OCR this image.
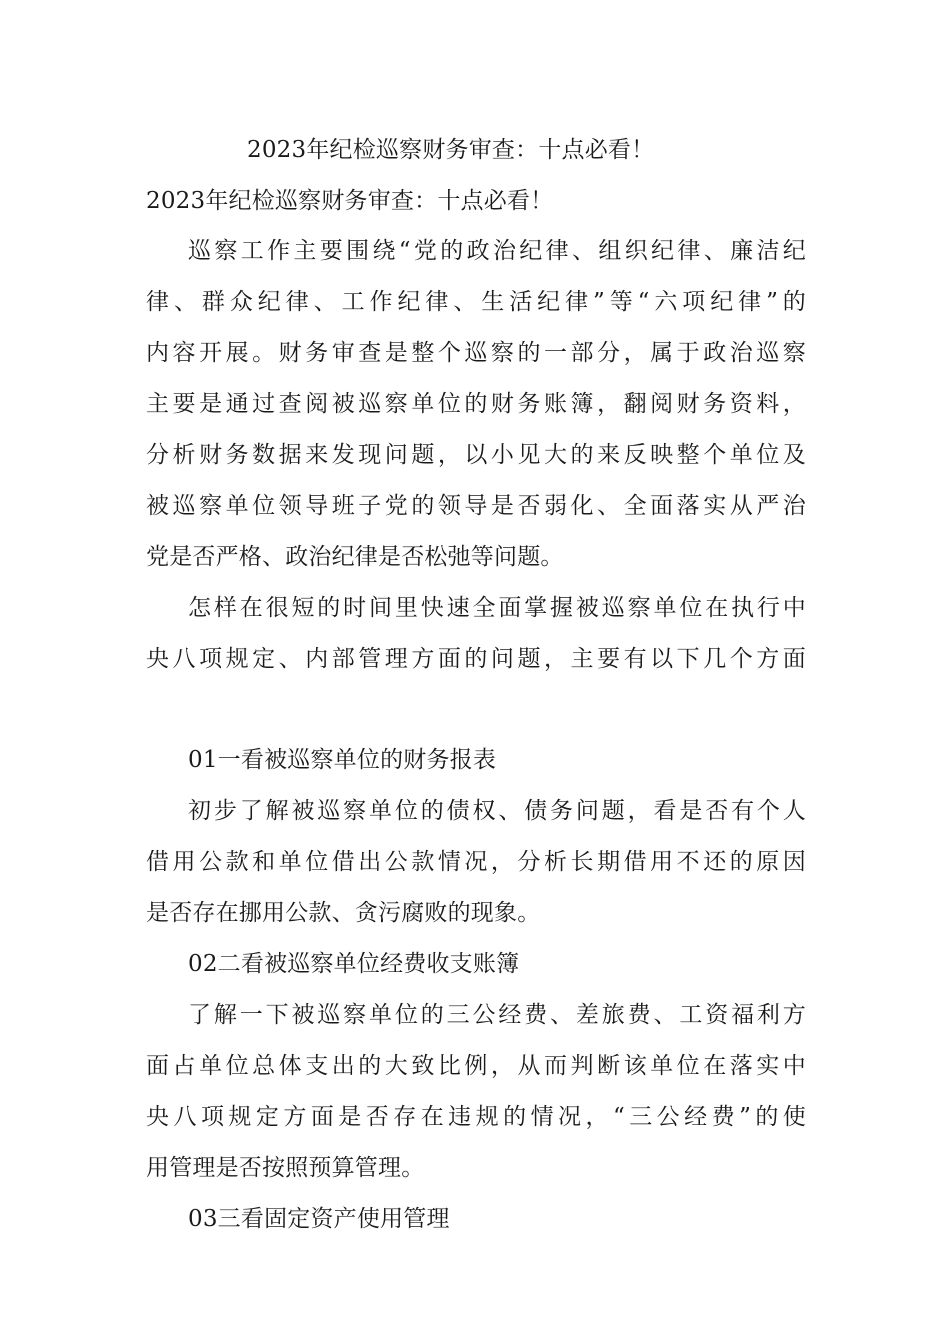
2023年纪检巡察财务审查：十点必看！

2023年纪检巡察财务审查：十点必看！

巡察工作主要围绕“党的政治纪律、组织纪律、廉洁纪

律、群众纪律、工作纪律、生活纪律”等“六项纪律”的

内容开展。财务审查是整个巡察的一部分，属于政治巡察

主要是通过查阅被巡察单位的财务账簿，翻阅财务资料，

分析财务数据来发现问题，以小见大的来反映整个单位及

被巡察单位领导班子党的领导是否弱化、全面落实从严治

党是否严格、政治纪律是否松弛等问题。

怎样在很短的时间里快速全面掌握被巡察单位在执行中

央八项规定、内部管理方面的问题，主要有以下几个方面

01一看被巡察单位的财务报表

初步了解被巡察单位的债权、债务问题，看是否有个人

借用公款和单位借出公款情况，分析长期借用不还的原因

是否存在挪用公款、贪污腐败的现象。

02二看被巡察单位经费收支账簿

了解一下被巡察单位的三公经费、差旅费、工资福利方

面占单位总体支出的大致比例，从而判断该单位在落实中

央八项规定方面是否存在违规的情况，“三公经费”的使

用管理是否按照预算管理。

03三看固定资产使用管理
